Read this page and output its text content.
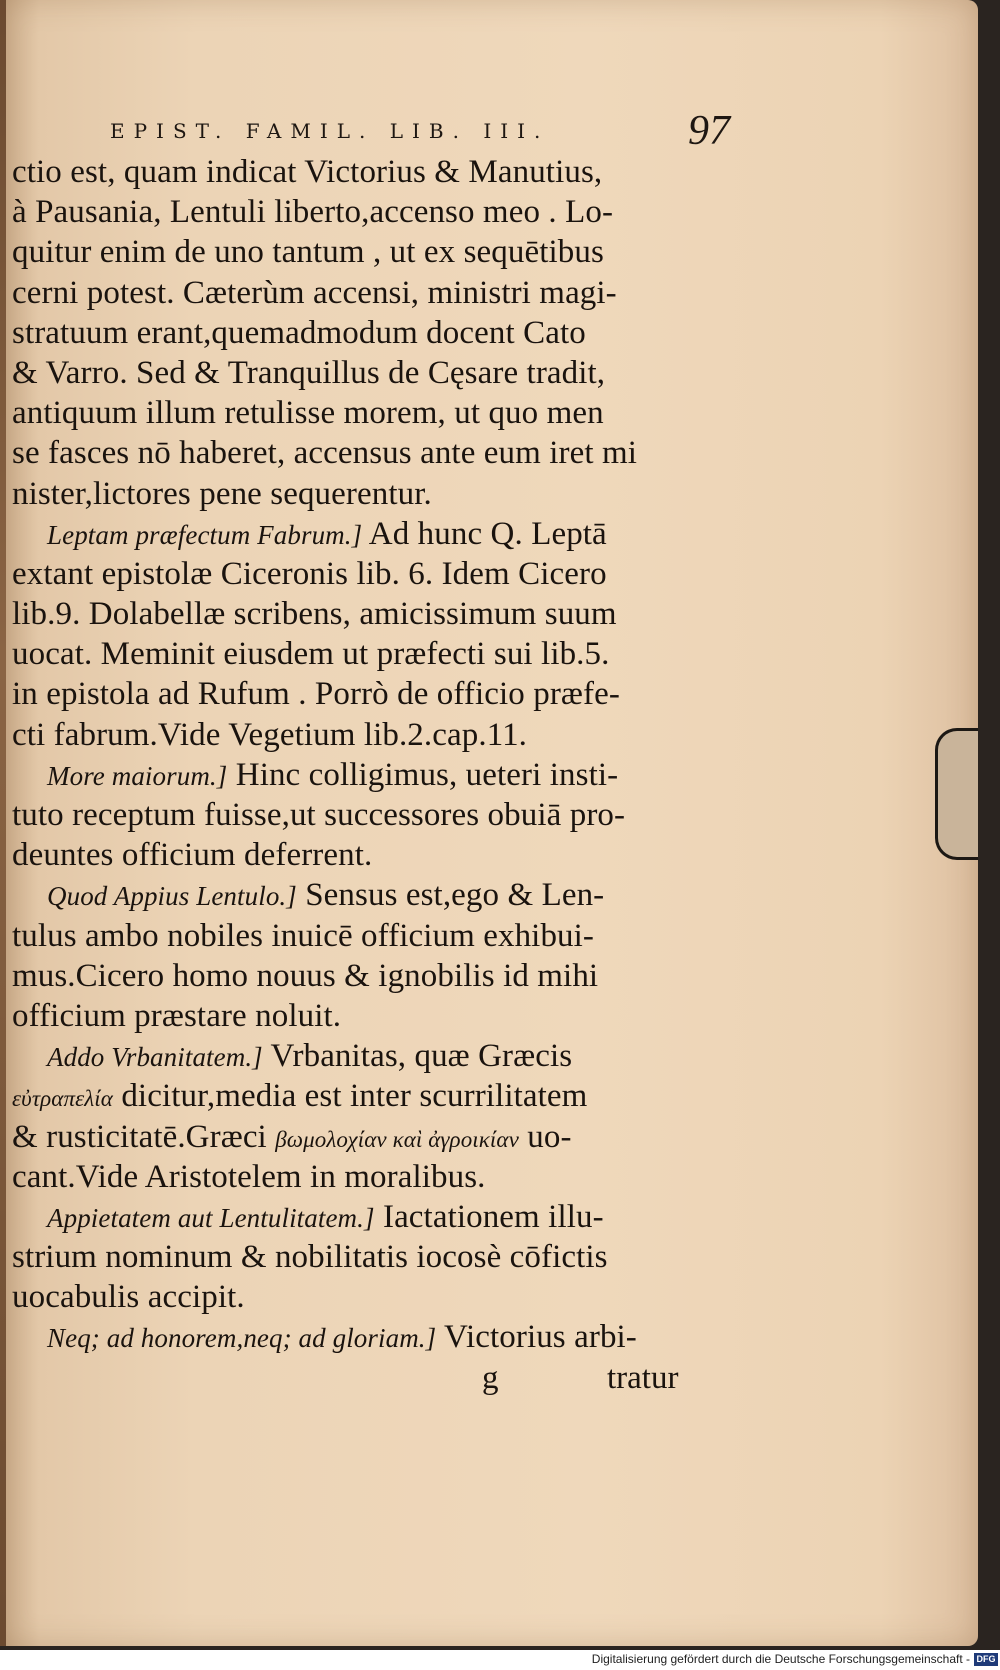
EPIST. FAMIL. LIB. III.	97
ctio est, quam indicat Victorius & Manutius,
à Pausania, Lentuli liberto,accenso meo . Lo-
quitur enim de uno tantum , ut ex sequētibus
cerni potest. Cæterùm accensi, ministri magi-
stratuum erant,quemadmodum docent Cato
& Varro. Sed & Tranquillus de Cęsare tradit,
antiquum illum retulisse morem, ut quo men
se fasces nō haberet, accensus ante eum iret mi
nister,lictores pene sequerentur.
Leptam præfectum Fabrum.] Ad hunc Q. Leptā
extant epistolæ Ciceronis lib. 6. Idem Cicero
lib.9. Dolabellæ scribens, amicissimum suum
uocat. Meminit eiusdem ut præfecti sui lib.5.
in epistola ad Rufum . Porrò de officio præfe-
cti fabrum.Vide Vegetium lib.2.cap.11.
More maiorum.] Hinc colligimus, ueteri insti-
tuto receptum fuisse,ut successores obuiā pro-
deuntes officium deferrent.
Quod Appius Lentulo.] Sensus est,ego & Len-
tulus ambo nobiles inuicē officium exhibui-
mus.Cicero homo nouus & ignobilis id mihi
officium præstare noluit.
Addo Vrbanitatem.] Vrbanitas, quæ Græcis
εὐτραπελία dicitur,media est inter scurrilitatem
& rusticitatē.Græci βωμολοχίαν καὶ ἀγροικίαν uo-
cant.Vide Aristotelem in moralibus.
Appietatem aut Lentulitatem.] Iactationem illu-
strium nominum & nobilitatis iocosè cōfictis
uocabulis accipit.
Neq; ad honorem,neq; ad gloriam.] Victorius arbi-
g	tratur
Digitalisierung gefördert durch die Deutsche Forschungsgemeinschaft - DFG
